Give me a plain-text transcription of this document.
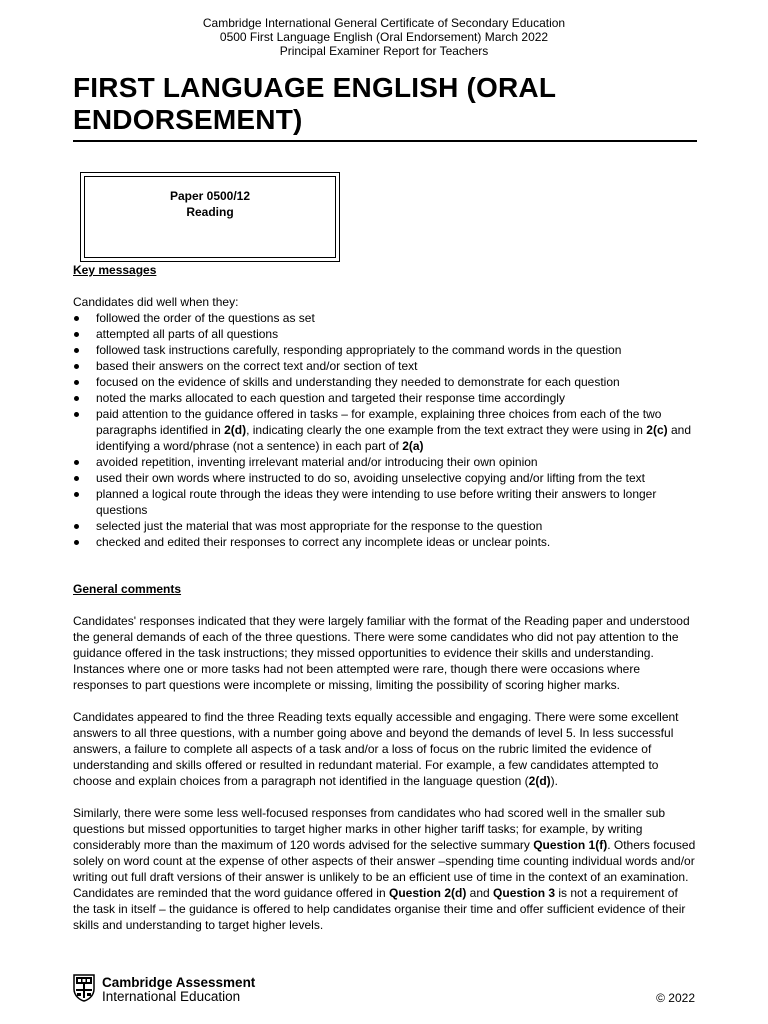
Cambridge International General Certificate of Secondary Education
0500 First Language English (Oral Endorsement) March 2022
Principal Examiner Report for Teachers
FIRST LANGUAGE ENGLISH (ORAL ENDORSEMENT)
Paper 0500/12
Reading

Key messages

Candidates did well when they:

followed the order of the questions as set
attempted all parts of all questions
followed task instructions carefully, responding appropriately to the command words in the question
based their answers on the correct text and/or section of text
focused on the evidence of skills and understanding they needed to demonstrate for each question
noted the marks allocated to each question and targeted their response time accordingly
paid attention to the guidance offered in tasks – for example, explaining three choices from each of the two paragraphs identified in 2(d), indicating clearly the one example from the text extract they were using in 2(c) and identifying a word/phrase (not a sentence) in each part of 2(a)
avoided repetition, inventing irrelevant material and/or introducing their own opinion
used their own words where instructed to do so, avoiding unselective copying and/or lifting from the text
planned a logical route through the ideas they were intending to use before writing their answers to longer questions
selected just the material that was most appropriate for the response to the question
checked and edited their responses to correct any incomplete ideas or unclear points.

General comments

Candidates' responses indicated that they were largely familiar with the format of the Reading paper and understood the general demands of each of the three questions. There were some candidates who did not pay attention to the guidance offered in the task instructions; they missed opportunities to evidence their skills and understanding. Instances where one or more tasks had not been attempted were rare, though there were occasions where responses to part questions were incomplete or missing, limiting the possibility of scoring higher marks.

Candidates appeared to find the three Reading texts equally accessible and engaging. There were some excellent answers to all three questions, with a number going above and beyond the demands of level 5. In less successful answers, a failure to complete all aspects of a task and/or a loss of focus on the rubric limited the evidence of understanding and skills offered or resulted in redundant material. For example, a few candidates attempted to choose and explain choices from a paragraph not identified in the language question (2(d)).

Similarly, there were some less well-focused responses from candidates who had scored well in the smaller sub questions but missed opportunities to target higher marks in other higher tariff tasks; for example, by writing considerably more than the maximum of 120 words advised for the selective summary Question 1(f). Others focused solely on word count at the expense of other aspects of their answer –spending time counting individual words and/or writing out full draft versions of their answer is unlikely to be an efficient use of time in the context of an examination. Candidates are reminded that the word guidance offered in Question 2(d) and Question 3 is not a requirement of the task in itself – the guidance is offered to help candidates organise their time and offer sufficient evidence of their skills and understanding to target higher levels.

Cambridge Assessment
International Education	© 2022
